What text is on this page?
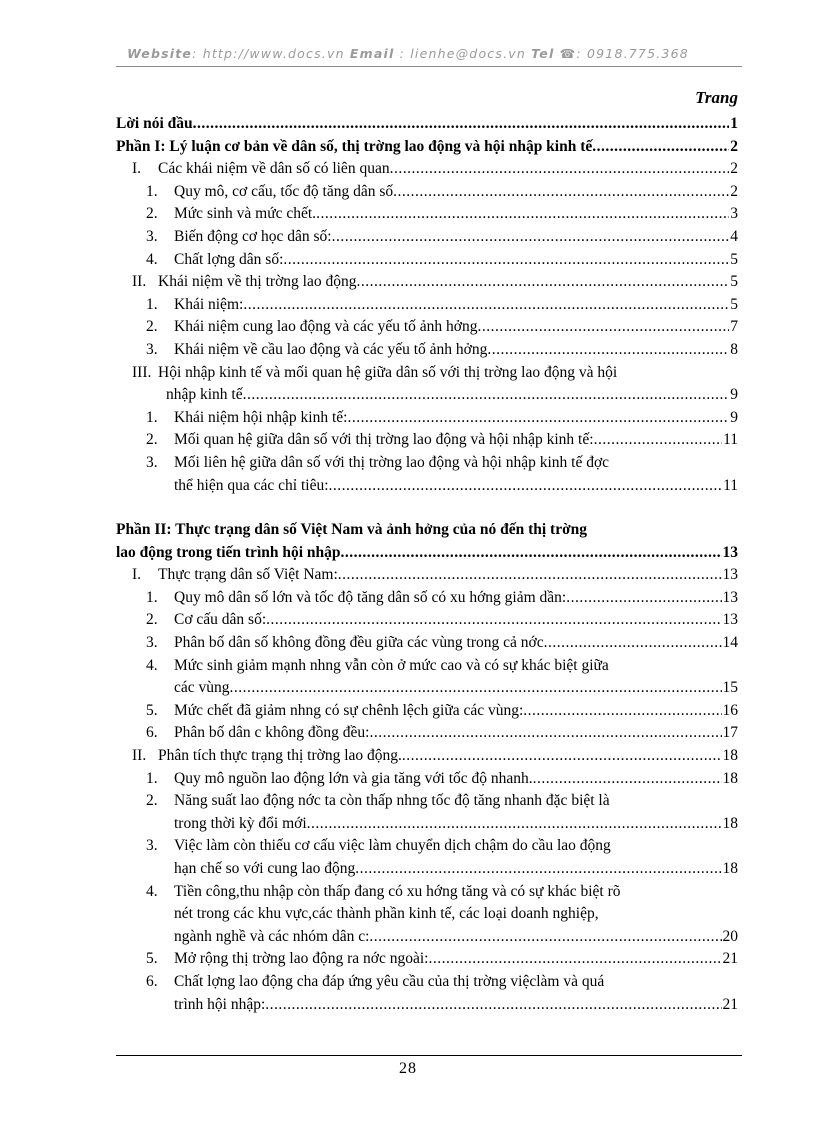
Website: http://www.docs.vn Email : lienhe@docs.vn Tel ☎: 0918.775.368
Trang
Lời nói đầu .....	1
Phần I: Lý luận cơ bản về dân số, thị trờng lao động và hội nhập kinh tế .....	2
I. Các khái niệm về dân số có liên quan .....	2
1. Quy mô, cơ cấu, tốc độ tăng dân số .....	2
2. Mức sinh và mức chết. .....	3
3. Biến động cơ học dân số: .....	4
4. Chất lợng dân số: .....	5
II. Khái niệm về thị trờng lao động .....	5
1. Khái niệm: .....	5
2. Khái niệm cung lao động và các yếu tố ảnh hởng .....	7
3. Khái niệm về cầu lao động và các yếu tố ảnh hởng .....	8
III. Hội nhập kinh tế và mối quan hệ giữa dân số với thị trờng lao động và hội
nhập kinh tế .....	9
1. Khái niệm hội nhập kinh tế: .....	9
2. Mối quan hệ giữa dân số với thị trờng lao động và hội nhập kinh tế: .....	11
3. Mối liên hệ giữa dân số với thị trờng lao động và hội nhập kinh tế đợc
thể hiện qua các chỉ tiêu: .....	11
Phần II: Thực trạng dân số Việt Nam và ảnh hởng của nó đến thị trờng
lao động trong tiến trình hội nhập .....	13
I. Thực trạng dân số Việt Nam: .....	13
1. Quy mô dân số lớn và tốc độ tăng dân số có xu hớng giảm dần: .....	13
2. Cơ cấu dân số: .....	13
3. Phân bố dân số không đồng đều giữa các vùng trong cả nớc .....	14
4. Mức sinh giảm mạnh nhng vẫn còn ở mức cao và có sự khác biệt giữa
các vùng .....	15
5. Mức chết đã giảm nhng có sự chênh lệch giữa các vùng: .....	16
6. Phân bố dân c không đồng đều: .....	17
II. Phân tích thực trạng thị trờng lao động. .....	18
1. Quy mô nguồn lao động lớn và gia tăng với tốc độ nhanh. .....	18
2. Năng suất lao động nớc ta còn thấp nhng tốc độ tăng nhanh đặc biệt là
trong thời kỳ đổi mới .....	18
3. Việc làm còn thiếu cơ cấu việc làm chuyển dịch chậm do cầu lao động
hạn chế so với cung lao động .....	18
4. Tiền công,thu nhập còn thấp đang có xu hớng tăng và có sự khác biệt rõ
nét trong các khu vực,các thành phần kinh tế, các loại doanh nghiệp,
ngành nghề và các nhóm dân c: .....	20
5. Mở rộng thị trờng lao động ra nớc ngoài: .....	21
6. Chất lợng lao động cha đáp ứng yêu cầu của thị trờng việclàm và quá
trình hội nhập: .....	21
28
